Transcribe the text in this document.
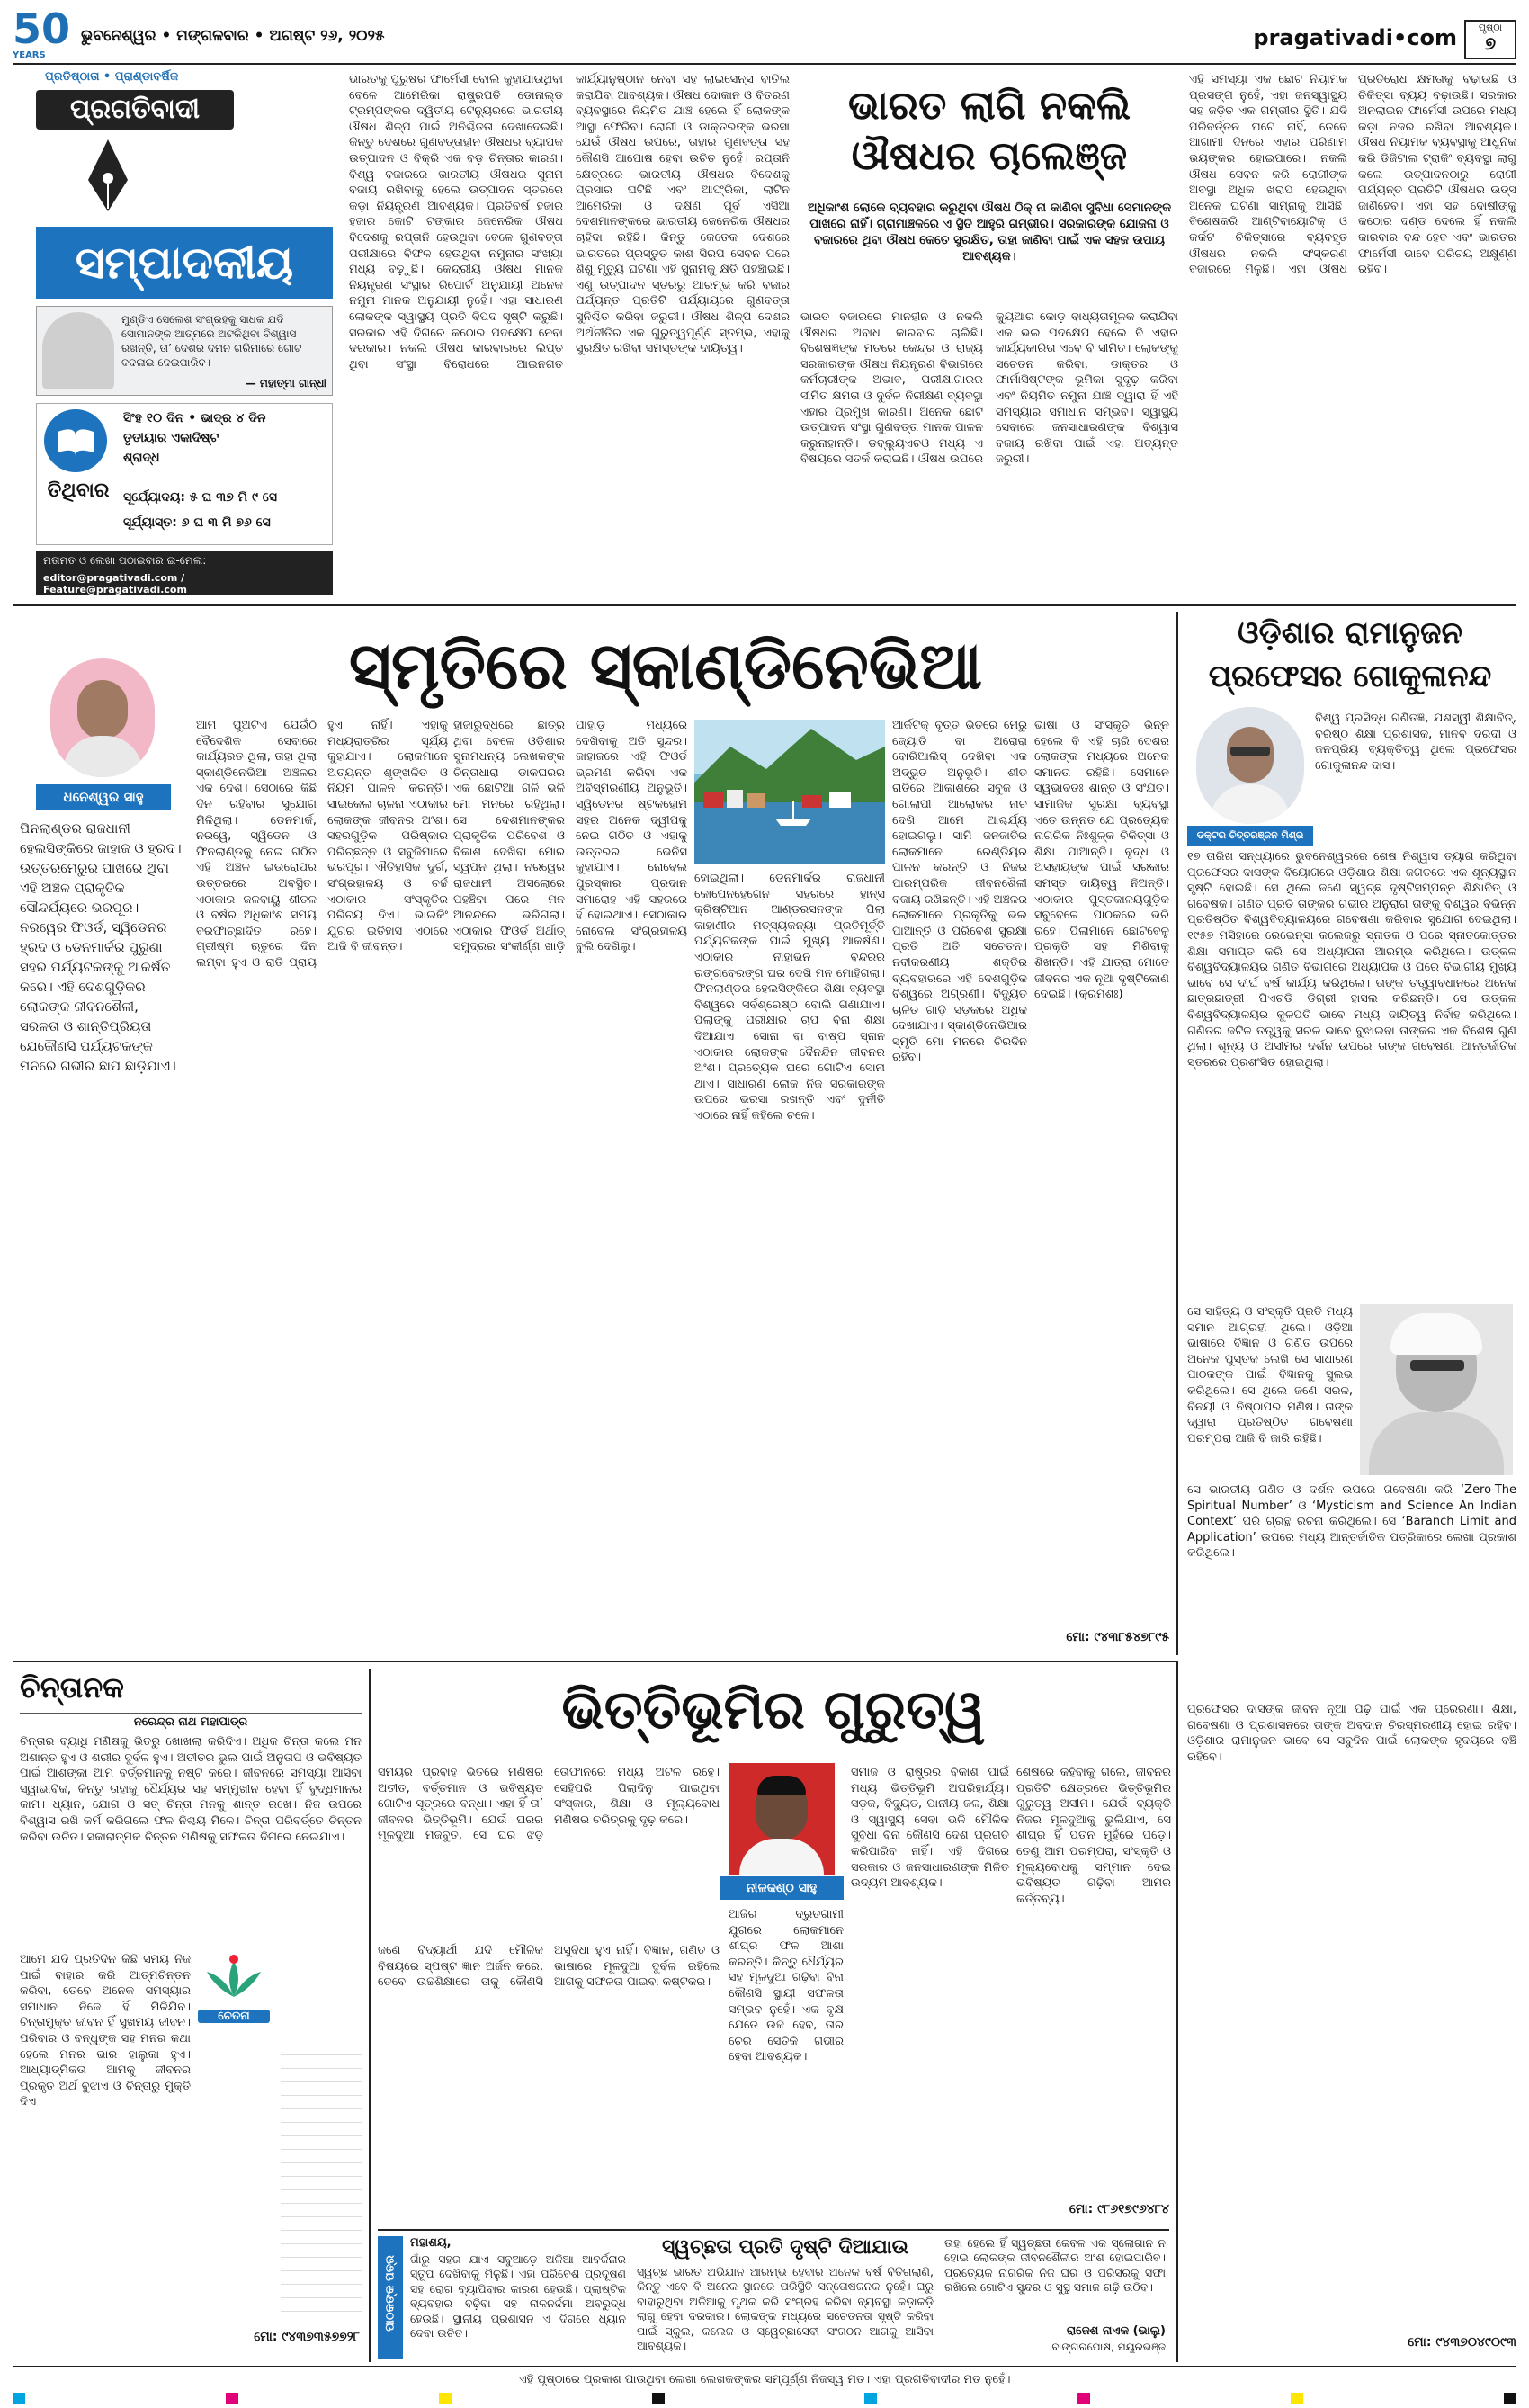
50
YEARS
ଭୁବନେଶ୍ୱର • ମଙ୍ଗଳବାର • ଅଗଷ୍ଟ ୨୬, ୨୦୨୫	pragativadi•com	ପୃଷ୍ଠା
୭
ପ୍ରତିଷ୍ଠାତା • ପ୍ରାଣ୍ଡାବର୍ଷିକ
ପ୍ରଗତିବାଦୀ
ସମ୍ପାଦକୀୟ
ମୁଣ୍ଡିଏ ସେଲେଶ ସଂଗ୍ରହକୁ ସାଧକ ଯଦି ସୋମାନଙ୍କ ଆତ୍ମରେ ଅଟକିଥିବା ବିଶ୍ୱାସ ରଖନ୍ତି, ତା’ ଦେଶର ଦମନ ଗରିମାରେ ଗୋଟ ବଦଳାଇ ଦେଇପାରିବ।
— ମହାତ୍ମା ଗାନ୍ଧୀ
ତିଥିବାର
ସିଂହ ୧୦ ଦିନ • ଭାଦ୍ର ୪ ଦିନ
ତୃତୀୟାର ଏକାଦିଷ୍ଟ
ଶ୍ରାଦ୍ଧ
ସୂର୍ଯ୍ୟୋଦୟ: ୫ ଘ ୩୭ ମି ୯ ସେ
ସୂର୍ଯ୍ୟାସ୍ତ: ୬ ଘ ୩ ମି ୭୬ ସେ
ମତାମତ ଓ ଲେଖା ପଠାଇବାର ଇ-ମେଲ:
editor@pragativadi.com / Feature@pragativadi.com
ଭାରତକୁ ପୁରୁଷର ଫାର୍ମେସୀ ବୋଲି କୁହାଯାଉଥିବା ବେଳେ ଆମେରିକା ରାଷ୍ଟ୍ରପତି ଡୋନାଲ୍ଡ ଟ୍ରମ୍ପଙ୍କର ଦ୍ୱିତୀୟ ଟେନ୍ୟୁରରେ ଭାରତୀୟ ଔଷଧ ଶିଳ୍ପ ପାଇଁ ଅନିଶ୍ଚିତତା ଦେଖାଦେଇଛି। କିନ୍ତୁ ଦେଶରେ ଗୁଣବତ୍ତାହୀନ ଔଷଧର ବ୍ୟାପକ ଉତ୍ପାଦନ ଓ ବିକ୍ରି ଏକ ବଡ଼ ଚିନ୍ତାର କାରଣ। ବିଶ୍ୱ ବଜାରରେ ଭାରତୀୟ ଔଷଧର ସୁନାମ ବଜାୟ ରଖିବାକୁ ହେଲେ ଉତ୍ପାଦନ ସ୍ତରରେ କଡ଼ା ନିୟନ୍ତ୍ରଣ ଆବଶ୍ୟକ। ପ୍ରତିବର୍ଷ ହଜାର ହଜାର କୋଟି ଟଙ୍କାର ଜେନେରିକ ଔଷଧ ବିଦେଶକୁ ରପ୍ତାନି ହେଉଥିବା ବେଳେ ଗୁଣବତ୍ତା ପରୀକ୍ଷାରେ ବିଫଳ ହେଉଥିବା ନମୁନାର ସଂଖ୍ୟା ମଧ୍ୟ ବଢ଼ୁଛି। କେନ୍ଦ୍ରୀୟ ଔଷଧ ମାନକ ନିୟନ୍ତ୍ରଣ ସଂସ୍ଥାର ରିପୋର୍ଟ ଅନୁଯାୟୀ ଅନେକ ନମୁନା ମାନକ ଅନୁଯାୟୀ ନୁହେଁ। ଏହା ସାଧାରଣ ଲୋକଙ୍କ ସ୍ୱାସ୍ଥ୍ୟ ପ୍ରତି ବିପଦ ସୃଷ୍ଟି କରୁଛି। ସରକାର ଏହି ଦିଗରେ କଠୋର ପଦକ୍ଷେପ ନେବା ଦରକାର। ନକଲି ଔଷଧ କାରବାରରେ ଲିପ୍ତ ଥିବା ସଂସ୍ଥା ବିରୋଧରେ ଆଇନଗତ କାର୍ଯ୍ୟାନୁଷ୍ଠାନ ନେବା ସହ ଲାଇସେନ୍ସ ବାତିଲ କରାଯିବା ଆବଶ୍ୟକ। ଔଷଧ ଦୋକାନ ଓ ବିତରଣ ବ୍ୟବସ୍ଥାରେ ନିୟମିତ ଯାଞ୍ଚ ହେଲେ ହିଁ ଲୋକଙ୍କ ଆସ୍ଥା ଫେରିବ। ରୋଗୀ ଓ ଡାକ୍ତରଙ୍କ ଭରସା ଯେଉଁ ଔଷଧ ଉପରେ, ତାହାର ଗୁଣବତ୍ତା ସହ କୌଣସି ଆପୋଷ ହେବା ଉଚିତ ନୁହେଁ। ରପ୍ତାନି କ୍ଷେତ୍ରରେ ଭାରତୀୟ ଔଷଧର ବିଦେଶକୁ ପ୍ରସାର ଘଟିଛି ଏବଂ ଆଫ୍ରିକା, ଲାଟିନ ଆମେରିକା ଓ ଦକ୍ଷିଣ ପୂର୍ବ ଏସିଆ ଦେଶମାନଙ୍କରେ ଭାରତୀୟ ଜେନେରିକ ଔଷଧର ଚାହିଦା ରହିଛି। କିନ୍ତୁ କେତେକ ଦେଶରେ ଭାରତରେ ପ୍ରସ୍ତୁତ କାଶ ସିରପ ସେବନ ପରେ ଶିଶୁ ମୃତ୍ୟୁ ଘଟଣା ଏହି ସୁନାମକୁ କ୍ଷତି ପହଞ୍ଚାଇଛି। ଏଣୁ ଉତ୍ପାଦନ ସ୍ତରରୁ ଆରମ୍ଭ କରି ବଜାର ପର୍ଯ୍ୟନ୍ତ ପ୍ରତିଟି ପର୍ଯ୍ୟାୟରେ ଗୁଣବତ୍ତା ସୁନିଶ୍ଚିତ କରିବା ଜରୁରୀ। ଔଷଧ ଶିଳ୍ପ ଦେଶର ଅର୍ଥନୀତିର ଏକ ଗୁରୁତ୍ୱପୂର୍ଣ୍ଣ ସ୍ତମ୍ଭ, ଏହାକୁ ସୁରକ୍ଷିତ ରଖିବା ସମସ୍ତଙ୍କ ଦାୟିତ୍ୱ।
ଭାରତ ଲାଗି ନକଲି
ଔଷଧର ଚାଲେଞ୍ଜ
ଅଧିକାଂଶ ଲୋକେ ବ୍ୟବହାର କରୁଥିବା ଔଷଧ ଠିକ୍ ନା କାଣିବା ସୁବିଧା ସେମାନଙ୍କ ପାଖରେ ନାହିଁ। ଗ୍ରାମାଞ୍ଚଳରେ ଏ ସ୍ଥିତି ଆହୁରି ଗମ୍ଭୀର। ସରକାରଙ୍କ ଯୋଜନା ଓ ବଜାରରେ ଥିବା ଔଷଧ କେତେ ସୁରକ୍ଷିତ, ତାହା ଜାଣିବା ପାଇଁ ଏକ ସହଜ ଉପାୟ ଆବଶ୍ୟକ।
ଭାରତ ବଜାରରେ ମାନହୀନ ଓ ନକଲି ଔଷଧର ଅବାଧ କାରବାର ଚାଲିଛି। ବିଶେଷଜ୍ଞଙ୍କ ମତରେ କେନ୍ଦ୍ର ଓ ରାଜ୍ୟ ସରକାରଙ୍କ ଔଷଧ ନିୟନ୍ତ୍ରଣ ବିଭାଗରେ କର୍ମଚାରୀଙ୍କ ଅଭାବ, ପରୀକ୍ଷାଗାରର ସୀମିତ କ୍ଷମତା ଓ ଦୁର୍ବଳ ନିରୀକ୍ଷଣ ବ୍ୟବସ୍ଥା ଏହାର ପ୍ରମୁଖ କାରଣ। ଅନେକ ଛୋଟ ଉତ୍ପାଦନ ସଂସ୍ଥା ଗୁଣବତ୍ତା ମାନକ ପାଳନ କରୁନାହାନ୍ତି। ଡବ୍ଲ୍ୟୁଏଚଓ ମଧ୍ୟ ଏ ବିଷୟରେ ସତର୍କ କରାଇଛି। ଔଷଧ ଉପରେ କ୍ୟୁଆର କୋଡ଼ ବାଧ୍ୟତାମୂଳକ କରାଯିବା ଏକ ଭଲ ପଦକ୍ଷେପ ହେଲେ ବି ଏହାର କାର୍ଯ୍ୟକାରିତା ଏବେ ବି ସୀମିତ। ଲୋକଙ୍କୁ ସଚେତନ କରିବା, ଡାକ୍ତର ଓ ଫାର୍ମାସିଷ୍ଟଙ୍କ ଭୂମିକା ସୁଦୃଢ଼ କରିବା ଏବଂ ନିୟମିତ ନମୁନା ଯାଞ୍ଚ ଦ୍ୱାରା ହିଁ ଏହି ସମସ୍ୟାର ସମାଧାନ ସମ୍ଭବ। ସ୍ୱାସ୍ଥ୍ୟ ସେବାରେ ଜନସାଧାରଣଙ୍କ ବିଶ୍ୱାସ ବଜାୟ ରଖିବା ପାଇଁ ଏହା ଅତ୍ୟନ୍ତ ଜରୁରୀ।
ଏହି ସମସ୍ୟା ଏକ ଛୋଟ ନିୟାମକ ପ୍ରସଙ୍ଗ ନୁହେଁ, ଏହା ଜନସ୍ୱାସ୍ଥ୍ୟ ସହ ଜଡ଼ିତ ଏକ ଗମ୍ଭୀର ସ୍ଥିତି। ଯଦି ପରିବର୍ତ୍ତନ ଘଟେ ନାହିଁ, ତେବେ ଆଗାମୀ ଦିନରେ ଏହାର ପରିଣାମ ଭୟଙ୍କର ହୋଇପାରେ। ନକଲି ଔଷଧ ସେବନ କରି ରୋଗୀଙ୍କ ଅବସ୍ଥା ଅଧିକ ଖରାପ ହେଉଥିବା ଅନେକ ଘଟଣା ସାମ୍ନାକୁ ଆସିଛି। ବିଶେଷକରି ଆଣ୍ଟିବାୟୋଟିକ୍ ଓ କର୍କଟ ଚିକିତ୍ସାରେ ବ୍ୟବହୃତ ଔଷଧର ନକଲି ସଂସ୍କରଣ ବଜାରରେ ମିଳୁଛି। ଏହା ଔଷଧ ପ୍ରତିରୋଧ କ୍ଷମତାକୁ ବଢ଼ାଉଛି ଓ ଚିକିତ୍ସା ବ୍ୟୟ ବଢ଼ାଉଛି। ସରକାର ଅନଲାଇନ ଫାର୍ମେସୀ ଉପରେ ମଧ୍ୟ କଡ଼ା ନଜର ରଖିବା ଆବଶ୍ୟକ। ଔଷଧ ନିୟାମକ ବ୍ୟବସ୍ଥାକୁ ଆଧୁନିକ କରି ଡିଜିଟାଲ ଟ୍ରାକିଂ ବ୍ୟବସ୍ଥା ଲାଗୁ କଲେ ଉତ୍ପାଦନଠାରୁ ରୋଗୀ ପର୍ଯ୍ୟନ୍ତ ପ୍ରତିଟି ଔଷଧର ଉତ୍ସ ଜାଣିହେବ। ଏହା ସହ ଦୋଷୀଙ୍କୁ କଠୋର ଦଣ୍ଡ ଦେଲେ ହିଁ ନକଲି କାରବାର ବନ୍ଦ ହେବ ଏବଂ ଭାରତର ଫାର୍ମେସୀ ଭାବେ ପରିଚୟ ଅକ୍ଷୁଣ୍ଣ ରହିବ।
ଧନେଶ୍ୱର ସାହୁ
ପିନଲାଣ୍ଡର ରାଜଧାନୀ ହେଲସିଙ୍କିରେ ଜାହାଜ ଓ ହ୍ରଦ। ଉତ୍ତରମେରୁର ପାଖରେ ଥିବା ଏହି ଅଞ୍ଚଳ ପ୍ରାକୃତିକ ସୌନ୍ଦର୍ଯ୍ୟରେ ଭରପୂର। ନରୱେର ଫିଓର୍ଡ, ସ୍ୱିଡେନର ହ୍ରଦ ଓ ଡେନମାର୍କର ପୁରୁଣା ସହର ପର୍ଯ୍ୟଟକଙ୍କୁ ଆକର୍ଷିତ କରେ। ଏହି ଦେଶଗୁଡ଼ିକର ଲୋକଙ୍କ ଜୀବନଶୈଳୀ, ସରଳତା ଓ ଶାନ୍ତିପ୍ରିୟତା ଯେକୌଣସି ପର୍ଯ୍ୟଟକଙ୍କ ମନରେ ଗଭୀର ଛାପ ଛାଡ଼ିଯାଏ।
ସ୍ମୃତିରେ ସ୍କାଣ୍ଡିନେଭିଆ
ଆମ ପୁଅଟିଏ ଯେଉଁଠି ବୈଦେଶିକ ସେବାରେ କାର୍ଯ୍ୟରତ ଥିଲା, ତାହା ଥିଲା ସ୍କାଣ୍ଡିନେଭିଆ ଅଞ୍ଚଳର ଏକ ଦେଶ। ସେଠାରେ କିଛି ଦିନ ରହିବାର ସୁଯୋଗ ମିଳିଥିଲା। ଡେନମାର୍କ, ନରୱେ, ସ୍ୱିଡେନ ଓ ଫିନଲାଣ୍ଡକୁ ନେଇ ଗଠିତ ଏହି ଅଞ୍ଚଳ ଇଉରୋପର ଉତ୍ତରରେ ଅବସ୍ଥିତ। ଏଠାକାର ଜଳବାୟୁ ଶୀତଳ ଓ ବର୍ଷର ଅଧିକାଂଶ ସମୟ ବରଫାଚ୍ଛାଦିତ ରହେ। ଗ୍ରୀଷ୍ମ ଋତୁରେ ଦିନ ଲମ୍ବା ହୁଏ ଓ ରାତି ପ୍ରାୟ ହୁଏ ନାହିଁ। ଏହାକୁ ମଧ୍ୟରାତ୍ରିର ସୂର୍ଯ୍ୟ କୁହାଯାଏ। ଲୋକମାନେ ଅତ୍ୟନ୍ତ ଶୃଙ୍ଖଳିତ ଓ ନିୟମ ପାଳନ କରନ୍ତି। ସାଇକେଲ ଚାଳନା ଏଠାକାର ଲୋକଙ୍କ ଜୀବନର ଅଂଶ। ସହରଗୁଡ଼ିକ ପରିଷ୍କାର ପରିଚ୍ଛନ୍ନ ଓ ସବୁଜିମାରେ ଭରପୂର। ଐତିହାସିକ ଦୁର୍ଗ, ସଂଗ୍ରହାଳୟ ଓ ଚର୍ଚ୍ଚ ଏଠାକାର ସଂସ୍କୃତିର ପରିଚୟ ଦିଏ। ଭାଇକିଂ ଯୁଗର ଇତିହାସ ଏଠାରେ ଆଜି ବି ଜୀବନ୍ତ।
ହାଜାରୁଦ୍ଧରେ ଛାତ୍ର ଥିବା ବେଳେ ଓଡ଼ିଶାର ସୁନାମଧନ୍ୟ ଲେଖକଙ୍କ ଚିନ୍ତାଧାରା ଡାକଘରର ଏକ ଛୋଟିଆ ଗଳି ଭଳି ମୋ ମନରେ ରହିଥିଲା। ସେ ଦେଶମାନଙ୍କର ପ୍ରାକୃତିକ ପରିବେଶ ଓ ବିକାଶ ଦେଖିବା ମୋର ସ୍ୱପ୍ନ ଥିଲା। ନରୱେର ରାଜଧାନୀ ଅସଲୋରେ ପହଞ୍ଚିବା ପରେ ମନ ଆନନ୍ଦରେ ଭରିଗଲା। ଏଠାକାର ଫିଓର୍ଡ ଅର୍ଥାତ୍ ସମୁଦ୍ରର ସଂକୀର୍ଣ୍ଣ ଖାଡ଼ି ପାହାଡ଼ ମଧ୍ୟରେ ଦେଖିବାକୁ ଅତି ସୁନ୍ଦର। ଜାହାଜରେ ଏହି ଫିଓର୍ଡ ଭ୍ରମଣ କରିବା ଏକ ଅବିସ୍ମରଣୀୟ ଅନୁଭୂତି। ସ୍ୱିଡେନର ଷ୍ଟକହୋମ ସହର ଅନେକ ଦ୍ୱୀପକୁ ନେଇ ଗଠିତ ଓ ଏହାକୁ ଉତ୍ତରର ଭେନିସ କୁହାଯାଏ। ନୋବେଲ ପୁରସ୍କାର ପ୍ରଦାନ ସମାରୋହ ଏହି ସହରରେ ହିଁ ହୋଇଥାଏ। ସେଠାକାର ନୋବେଲ ସଂଗ୍ରହାଳୟ ବୁଲି ଦେଖିଲୁ।
ହୋଇଥିଲା। ଡେନମାର୍କର ରାଜଧାନୀ କୋପେନହେଗେନ ସହରରେ ହାନ୍ସ କ୍ରିଷ୍ଟିଆନ ଆଣ୍ଡରସନଙ୍କ ପିଲା କାହାଣୀର ମତ୍ସ୍ୟକନ୍ୟା ପ୍ରତିମୂର୍ତ୍ତି ପର୍ଯ୍ୟଟକଙ୍କ ପାଇଁ ମୁଖ୍ୟ ଆକର୍ଷଣ। ଏଠାକାର ନୀହାଭନ ବନ୍ଦରର ରଙ୍ଗବେରଙ୍ଗ ଘର ଦେଖି ମନ ମୋହିଗଲା। ଫିନଲାଣ୍ଡର ହେଲସିଙ୍କିରେ ଶିକ୍ଷା ବ୍ୟବସ୍ଥା ବିଶ୍ୱରେ ସର୍ବଶ୍ରେଷ୍ଠ ବୋଲି ଗଣାଯାଏ। ପିଲାଙ୍କୁ ପରୀକ୍ଷାର ଚାପ ବିନା ଶିକ୍ଷା ଦିଆଯାଏ। ସୋନା ବା ବାଷ୍ପ ସ୍ନାନ ଏଠାକାର ଲୋକଙ୍କ ଦୈନନ୍ଦିନ ଜୀବନର ଅଂଶ। ପ୍ରତ୍ୟେକ ଘରେ ଗୋଟିଏ ସୋନା ଥାଏ। ସାଧାରଣ ଲୋକ ନିଜ ସରକାରଙ୍କ ଉପରେ ଭରସା ରଖନ୍ତି ଏବଂ ଦୁର୍ନୀତି ଏଠାରେ ନାହିଁ କହିଲେ ଚଳେ।
ଆର୍କଟିକ୍ ବୃତ୍ତ ଭିତରେ ମେରୁ ଜ୍ୟୋତି ବା ଅରୋରା ବୋରିଆଲିସ୍ ଦେଖିବା ଏକ ଅଦ୍ଭୁତ ଅନୁଭୂତି। ଶୀତ ରାତିରେ ଆକାଶରେ ସବୁଜ ଓ ଗୋଲାପୀ ଆଲୋକର ନାଚ ଦେଖି ଆମେ ଆଶ୍ଚର୍ଯ୍ୟ ହୋଇଗଲୁ। ସାମି ଜନଜାତିର ଲୋକମାନେ ରେଣ୍ଡିୟର ପାଳନ କରନ୍ତି ଓ ନିଜର ପାରମ୍ପରିକ ଜୀବନଶୈଳୀ ବଜାୟ ରଖିଛନ୍ତି। ଏହି ଅଞ୍ଚଳର ଲୋକମାନେ ପ୍ରକୃତିକୁ ଭଲ ପାଆନ୍ତି ଓ ପରିବେଶ ସୁରକ୍ଷା ପ୍ରତି ଅତି ସଚେତନ। ନବୀକରଣୀୟ ଶକ୍ତିର ବ୍ୟବହାରରେ ଏହି ଦେଶଗୁଡ଼ିକ ବିଶ୍ୱରେ ଅଗ୍ରଣୀ। ବିଦ୍ୟୁତ ଚାଳିତ ଗାଡ଼ି ସଡ଼କରେ ଅଧିକ ଦେଖାଯାଏ। ସ୍କାଣ୍ଡିନେଭିଆର ସ୍ମୃତି ମୋ ମନରେ ଚିରଦିନ ରହିବ।
ଭାଷା ଓ ସଂସ୍କୃତି ଭିନ୍ନ ହେଲେ ବି ଏହି ଚାରି ଦେଶର ଲୋକଙ୍କ ମଧ୍ୟରେ ଅନେକ ସମାନତା ରହିଛି। ସେମାନେ ସ୍ୱଭାବତଃ ଶାନ୍ତ ଓ ସଂଯତ। ସାମାଜିକ ସୁରକ୍ଷା ବ୍ୟବସ୍ଥା ଏତେ ଉନ୍ନତ ଯେ ପ୍ରତ୍ୟେକ ନାଗରିକ ନିଃଶୁଳ୍କ ଚିକିତ୍ସା ଓ ଶିକ୍ଷା ପାଆନ୍ତି। ବୃଦ୍ଧ ଓ ଅସହାୟଙ୍କ ପାଇଁ ସରକାର ସମସ୍ତ ଦାୟିତ୍ୱ ନିଅନ୍ତି। ଏଠାକାର ପୁସ୍ତକାଳୟଗୁଡ଼ିକ ସବୁବେଳେ ପାଠକରେ ଭରି ରହେ। ପିଲାମାନେ ଛୋଟବେଳୁ ପ୍ରକୃତି ସହ ମିଶିବାକୁ ଶିଖନ୍ତି। ଏହି ଯାତ୍ରା ମୋତେ ଜୀବନର ଏକ ନୂଆ ଦୃଷ୍ଟିକୋଣ ଦେଇଛି। (କ୍ରମଶଃ)
ମୋ: ୯୪୩୮୫୪୭୮୯୫
ଓଡ଼ିଶାର ରାମାନୁଜନ
ପ୍ରଫେସର ଗୋକୁଳାନନ୍ଦ
ଡକ୍ଟର ଚିତ୍ତରଞ୍ଜନ ମିଶ୍ର
ବିଶ୍ୱ ପ୍ରସିଦ୍ଧ ଗଣିତଜ୍ଞ, ଯଶସ୍ୱୀ ଶିକ୍ଷାବିତ୍, ବରିଷ୍ଠ ଶିକ୍ଷା ପ୍ରଶାସକ, ମାନବ ଦରଦୀ ଓ ଜନପ୍ରିୟ ବ୍ୟକ୍ତିତ୍ୱ ଥିଲେ ପ୍ରଫେସର ଗୋକୁଳାନନ୍ଦ ଦାସ।
୧୭ ତାରିଖ ସନ୍ଧ୍ୟାରେ ଭୁବନେଶ୍ୱରରେ ଶେଷ ନିଶ୍ୱାସ ତ୍ୟାଗ କରିଥିବା ପ୍ରଫେସର ଦାସଙ୍କ ବିୟୋଗରେ ଓଡ଼ିଶାର ଶିକ୍ଷା ଜଗତରେ ଏକ ଶୂନ୍ୟସ୍ଥାନ ସୃଷ୍ଟି ହୋଇଛି। ସେ ଥିଲେ ଜଣେ ସ୍ୱଚ୍ଛ ଦୃଷ୍ଟିସମ୍ପନ୍ନ ଶିକ୍ଷାବିତ୍ ଓ ଗବେଷକ। ଗଣିତ ପ୍ରତି ତାଙ୍କର ଗଭୀର ଅନୁରାଗ ତାଙ୍କୁ ବିଶ୍ୱର ବିଭିନ୍ନ ପ୍ରତିଷ୍ଠିତ ବିଶ୍ୱବିଦ୍ୟାଳୟରେ ଗବେଷଣା କରିବାର ସୁଯୋଗ ଦେଇଥିଲା। ୧୯୫୭ ମସିହାରେ ରେଭେନ୍ସା କଲେଜରୁ ସ୍ନାତକ ଓ ପରେ ସ୍ନାତକୋତ୍ତର ଶିକ୍ଷା ସମାପ୍ତ କରି ସେ ଅଧ୍ୟାପନା ଆରମ୍ଭ କରିଥିଲେ। ଉତ୍କଳ ବିଶ୍ୱବିଦ୍ୟାଳୟର ଗଣିତ ବିଭାଗରେ ଅଧ୍ୟାପକ ଓ ପରେ ବିଭାଗୀୟ ମୁଖ୍ୟ ଭାବେ ସେ ଦୀର୍ଘ ବର୍ଷ କାର୍ଯ୍ୟ କରିଥିଲେ। ତାଙ୍କ ତତ୍ତ୍ୱାବଧାନରେ ଅନେକ ଛାତ୍ରଛାତ୍ରୀ ପିଏଚଡି ଡିଗ୍ରୀ ହାସଲ କରିଛନ୍ତି। ସେ ଉତ୍କଳ ବିଶ୍ୱବିଦ୍ୟାଳୟର କୁଳପତି ଭାବେ ମଧ୍ୟ ଦାୟିତ୍ୱ ନିର୍ବାହ କରିଥିଲେ। ଗଣିତର ଜଟିଳ ତତ୍ତ୍ୱକୁ ସରଳ ଭାବେ ବୁଝାଇବା ତାଙ୍କର ଏକ ବିଶେଷ ଗୁଣ ଥିଲା। ଶୂନ୍ୟ ଓ ଅସୀମର ଦର୍ଶନ ଉପରେ ତାଙ୍କ ଗବେଷଣା ଆନ୍ତର୍ଜାତିକ ସ୍ତରରେ ପ୍ରଶଂସିତ ହୋଇଥିଲା।
ସେ ସାହିତ୍ୟ ଓ ସଂସ୍କୃତି ପ୍ରତି ମଧ୍ୟ ସମାନ ଆଗ୍ରହୀ ଥିଲେ। ଓଡ଼ିଆ ଭାଷାରେ ବିଜ୍ଞାନ ଓ ଗଣିତ ଉପରେ ଅନେକ ପୁସ୍ତକ ଲେଖି ସେ ସାଧାରଣ ପାଠକଙ୍କ ପାଇଁ ବିଜ୍ଞାନକୁ ସୁଲଭ କରିଥିଲେ। ସେ ଥିଲେ ଜଣେ ସରଳ, ବିନୟୀ ଓ ନିଷ୍ଠାପର ମଣିଷ। ତାଙ୍କ ଦ୍ୱାରା ପ୍ରତିଷ୍ଠିତ ଗବେଷଣା ପରମ୍ପରା ଆଜି ବି ଜାରି ରହିଛି।
ସେ ଭାରତୀୟ ଗଣିତ ଓ ଦର୍ଶନ ଉପରେ ଗବେଷଣା କରି ‘Zero-The Spiritual Number’ ଓ ‘Mysticism and Science An Indian Context’ ପରି ଗ୍ରନ୍ଥ ରଚନା କରିଥିଲେ। ସେ ‘Baranch Limit and Application’ ଉପରେ ମଧ୍ୟ ଆନ୍ତର୍ଜାତିକ ପତ୍ରିକାରେ ଲେଖା ପ୍ରକାଶ କରିଥିଲେ।
ପ୍ରଫେସର ଦାସଙ୍କ ଜୀବନ ନୂଆ ପିଢ଼ି ପାଇଁ ଏକ ପ୍ରେରଣା। ଶିକ୍ଷା, ଗବେଷଣା ଓ ପ୍ରଶାସନରେ ତାଙ୍କ ଅବଦାନ ଚିରସ୍ମରଣୀୟ ହୋଇ ରହିବ। ଓଡ଼ିଶାର ରାମାନୁଜନ ଭାବେ ସେ ସବୁଦିନ ପାଇଁ ଲୋକଙ୍କ ହୃଦୟରେ ବଞ୍ଚି ରହିବେ।
ମୋ: ୯୪୩୭୦୪୯୦୯୩
ଚିନ୍ତାନକ
ନରେନ୍ଦ୍ର ନାଥ ମହାପାତ୍ର
ଚିନ୍ତାର ବ୍ୟାଧି ମଣିଷକୁ ଭିତରୁ ଖୋଖଲା କରିଦିଏ। ଅଧିକ ଚିନ୍ତା କଲେ ମନ ଅଶାନ୍ତ ହୁଏ ଓ ଶରୀର ଦୁର୍ବଳ ହୁଏ। ଅତୀତର ଭୁଲ ପାଇଁ ଅନୁତାପ ଓ ଭବିଷ୍ୟତ ପାଇଁ ଆଶଙ୍କା ଆମ ବର୍ତ୍ତମାନକୁ ନଷ୍ଟ କରେ। ଜୀବନରେ ସମସ୍ୟା ଆସିବା ସ୍ୱାଭାବିକ, କିନ୍ତୁ ତାହାକୁ ଧୈର୍ଯ୍ୟର ସହ ସମ୍ମୁଖୀନ ହେବା ହିଁ ବୁଦ୍ଧିମାନର କାମ। ଧ୍ୟାନ, ଯୋଗ ଓ ସତ୍ ଚିନ୍ତା ମନକୁ ଶାନ୍ତ ରଖେ। ନିଜ ଉପରେ ବିଶ୍ୱାସ ରଖି କର୍ମ କରିଗଲେ ଫଳ ନିଶ୍ଚୟ ମିଳେ। ଚିନ୍ତା ପରିବର୍ତ୍ତେ ଚିନ୍ତନ କରିବା ଉଚିତ। ସକାରାତ୍ମକ ଚିନ୍ତନ ମଣିଷକୁ ସଫଳତା ଦିଗରେ ନେଇଯାଏ।
ଚେତନା
ଆମେ ଯଦି ପ୍ରତିଦିନ କିଛି ସମୟ ନିଜ ପାଇଁ ବାହାର କରି ଆତ୍ମଚିନ୍ତନ କରିବା, ତେବେ ଅନେକ ସମସ୍ୟାର ସମାଧାନ ନିଜେ ହିଁ ମିଳିଯିବ। ଚିନ୍ତାମୁକ୍ତ ଜୀବନ ହିଁ ସୁଖମୟ ଜୀବନ। ପରିବାର ଓ ବନ୍ଧୁଙ୍କ ସହ ମନର କଥା ହେଲେ ମନର ଭାର ହାଲୁକା ହୁଏ। ଆଧ୍ୟାତ୍ମିକତା ଆମକୁ ଜୀବନର ପ୍ରକୃତ ଅର୍ଥ ବୁଝାଏ ଓ ଚିନ୍ତାରୁ ମୁକ୍ତି ଦିଏ।
ମୋ: ୯୪୩୭୩୫୭୭୨୮
ଭିତ୍ତିଭୂମିର ଗୁରୁତ୍ୱ
ସମୟର ପ୍ରବାହ ଭିତରେ ମଣିଷର ଅତୀତ, ବର୍ତ୍ତମାନ ଓ ଭବିଷ୍ୟତ ଗୋଟିଏ ସୂତ୍ରରେ ବନ୍ଧା। ଏହା ହିଁ ତା’ ଜୀବନର ଭିତ୍ତିଭୂମି। ଯେଉଁ ଘରର ମୂଳଦୁଆ ମଜବୁତ, ସେ ଘର ଝଡ଼ ତୋଫାନରେ ମଧ୍ୟ ଅଟଳ ରହେ। ସେହିପରି ପିଲାଦିନୁ ପାଇଥିବା ସଂସ୍କାର, ଶିକ୍ଷା ଓ ମୂଲ୍ୟବୋଧ ମଣିଷର ଚରିତ୍ରକୁ ଦୃଢ଼ କରେ।
ନୀଳକଣ୍ଠ ସାହୁ
ଜଣେ ବିଦ୍ୟାର୍ଥୀ ଯଦି ମୌଳିକ ବିଷୟରେ ସ୍ପଷ୍ଟ ଜ୍ଞାନ ଅର୍ଜନ କରେ, ତେବେ ଉଚ୍ଚଶିକ୍ଷାରେ ତାକୁ କୌଣସି ଅସୁବିଧା ହୁଏ ନାହିଁ। ବିଜ୍ଞାନ, ଗଣିତ ଓ ଭାଷାରେ ମୂଳଦୁଆ ଦୁର୍ବଳ ରହିଲେ ଆଗକୁ ସଫଳତା ପାଇବା କଷ୍ଟକର।
ଆଜିର ଦ୍ରୁତଗାମୀ ଯୁଗରେ ଲୋକମାନେ ଶୀଘ୍ର ଫଳ ଆଶା କରନ୍ତି। କିନ୍ତୁ ଧୈର୍ଯ୍ୟର ସହ ମୂଳଦୁଆ ଗଢ଼ିବା ବିନା କୌଣସି ସ୍ଥାୟୀ ସଫଳତା ସମ୍ଭବ ନୁହେଁ। ଏକ ବୃକ୍ଷ ଯେତେ ଉଚ୍ଚ ହେବ, ତାର ଚେର ସେତିକି ଗଭୀର ହେବା ଆବଶ୍ୟକ।
ସମାଜ ଓ ରାଷ୍ଟ୍ରର ବିକାଶ ପାଇଁ ମଧ୍ୟ ଭିତ୍ତିଭୂମି ଅପରିହାର୍ଯ୍ୟ। ସଡ଼କ, ବିଦ୍ୟୁତ, ପାନୀୟ ଜଳ, ଶିକ୍ଷା ଓ ସ୍ୱାସ୍ଥ୍ୟ ସେବା ଭଳି ମୌଳିକ ସୁବିଧା ବିନା କୌଣସି ଦେଶ ପ୍ରଗତି କରିପାରିବ ନାହିଁ। ଏହି ଦିଗରେ ସରକାର ଓ ଜନସାଧାରଣଙ୍କ ମିଳିତ ଉଦ୍ୟମ ଆବଶ୍ୟକ।
ଶେଷରେ କହିବାକୁ ଗଲେ, ଜୀବନର ପ୍ରତିଟି କ୍ଷେତ୍ରରେ ଭିତ୍ତିଭୂମିର ଗୁରୁତ୍ୱ ଅସୀମ। ଯେଉଁ ବ୍ୟକ୍ତି ନିଜର ମୂଳଦୁଆକୁ ଭୁଲିଯାଏ, ସେ ଶୀଘ୍ର ହିଁ ପତନ ମୁହଁରେ ପଡ଼େ। ତେଣୁ ଆମ ପରମ୍ପରା, ସଂସ୍କୃତି ଓ ମୂଲ୍ୟବୋଧକୁ ସମ୍ମାନ ଦେଇ ଭବିଷ୍ୟତ ଗଢ଼ିବା ଆମର କର୍ତ୍ତବ୍ୟ।
ମୋ: ୯୮୬୧୭୯୬୪୮୪
ପାଠକଙ୍କ ପତ୍ର
ମହାଶୟ,
ଗାଁରୁ ସହର ଯାଏ ସବୁଆଡ଼େ ଅଳିଆ ଆବର୍ଜନାର ସ୍ତୂପ ଦେଖିବାକୁ ମିଳୁଛି। ଏହା ପରିବେଶ ପ୍ରଦୂଷଣ ସହ ରୋଗ ବ୍ୟାପିବାର କାରଣ ହେଉଛି। ପ୍ଲାଷ୍ଟିକ ବ୍ୟବହାର ବଢ଼ିବା ସହ ନାଳନର୍ଦ୍ଦମା ଅବରୁଦ୍ଧ ହେଉଛି। ସ୍ଥାନୀୟ ପ୍ରଶାସନ ଏ ଦିଗରେ ଧ୍ୟାନ ଦେବା ଉଚିତ।
ସ୍ୱଚ୍ଛତା ପ୍ରତି ଦୃଷ୍ଟି ଦିଆଯାଉ
ସ୍ୱଚ୍ଛ ଭାରତ ଅଭିଯାନ ଆରମ୍ଭ ହେବାର ଅନେକ ବର୍ଷ ବିତିଗଲାଣି, କିନ୍ତୁ ଏବେ ବି ଅନେକ ସ୍ଥାନରେ ପରିସ୍ଥିତି ସନ୍ତୋଷଜନକ ନୁହେଁ। ଘରୁ ବାହାରୁଥିବା ଅଳିଆକୁ ପୃଥକ କରି ସଂଗ୍ରହ କରିବା ବ୍ୟବସ୍ଥା କଡ଼ାକଡ଼ି ଲାଗୁ ହେବା ଦରକାର। ଲୋକଙ୍କ ମଧ୍ୟରେ ସଚେତନତା ସୃଷ୍ଟି କରିବା ପାଇଁ ସ୍କୁଲ, କଲେଜ ଓ ସ୍ୱେଚ୍ଛାସେବୀ ସଂଗଠନ ଆଗକୁ ଆସିବା ଆବଶ୍ୟକ।
ତାହା ହେଲେ ହିଁ ସ୍ୱଚ୍ଛତା କେବଳ ଏକ ସ୍ଲୋଗାନ ନ ହୋଇ ଲୋକଙ୍କ ଜୀବନଶୈଳୀର ଅଂଶ ହୋଇପାରିବ। ପ୍ରତ୍ୟେକ ନାଗରିକ ନିଜ ଘର ଓ ପରିସରକୁ ସଫା ରଖିଲେ ଗୋଟିଏ ସୁନ୍ଦର ଓ ସୁସ୍ଥ ସମାଜ ଗଢ଼ି ଉଠିବ।
ରାଜେଶ ନାଏକ (ଭାଲୁ)
ବାଙ୍ଗରପୋଷ, ମୟୂରଭଞ୍ଜ
ଏହି ପୃଷ୍ଠାରେ ପ୍ରକାଶ ପାଉଥିବା ଲେଖା ଲେଖକଙ୍କର ସମ୍ପୂର୍ଣ୍ଣ ନିଜସ୍ୱ ମତ। ଏହା ପ୍ରଗତିବାଦୀର ମତ ନୁହେଁ।
